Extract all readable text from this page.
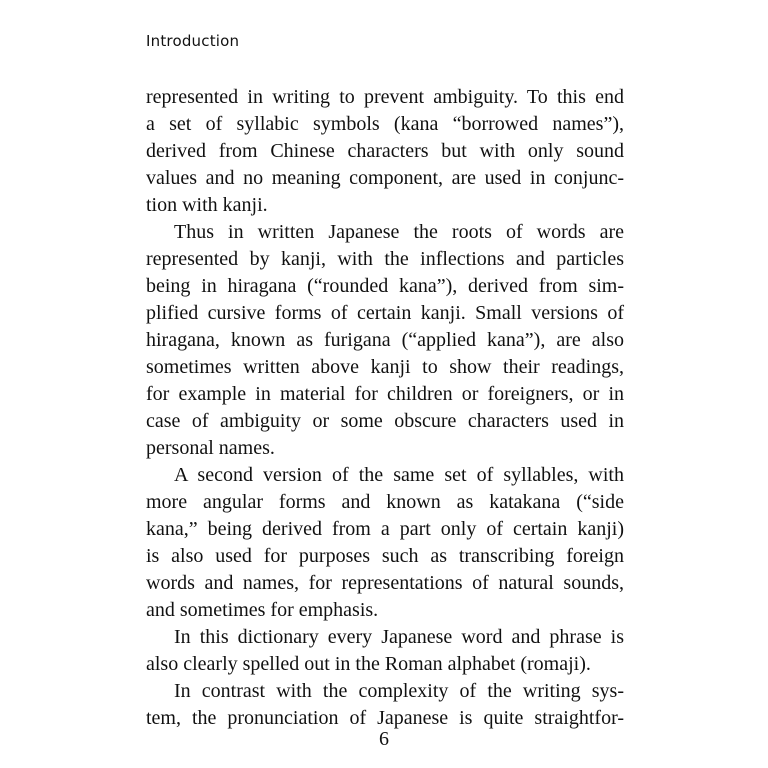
Introduction
represented in writing to prevent ambiguity. To this end
a set of syllabic symbols (kana “borrowed names”),
derived from Chinese characters but with only sound
values and no meaning component, are used in conjunc-
tion with kanji.
Thus in written Japanese the roots of words are
represented by kanji, with the inflections and particles
being in hiragana (“rounded kana”), derived from sim-
plified cursive forms of certain kanji. Small versions of
hiragana, known as furigana (“applied kana”), are also
sometimes written above kanji to show their readings,
for example in material for children or foreigners, or in
case of ambiguity or some obscure characters used in
personal names.
A second version of the same set of syllables, with
more angular forms and known as katakana (“side
kana,” being derived from a part only of certain kanji)
is also used for purposes such as transcribing foreign
words and names, for representations of natural sounds,
and sometimes for emphasis.
In this dictionary every Japanese word and phrase is
also clearly spelled out in the Roman alphabet (romaji).
In contrast with the complexity of the writing sys-
tem, the pronunciation of Japanese is quite straightfor-
6
